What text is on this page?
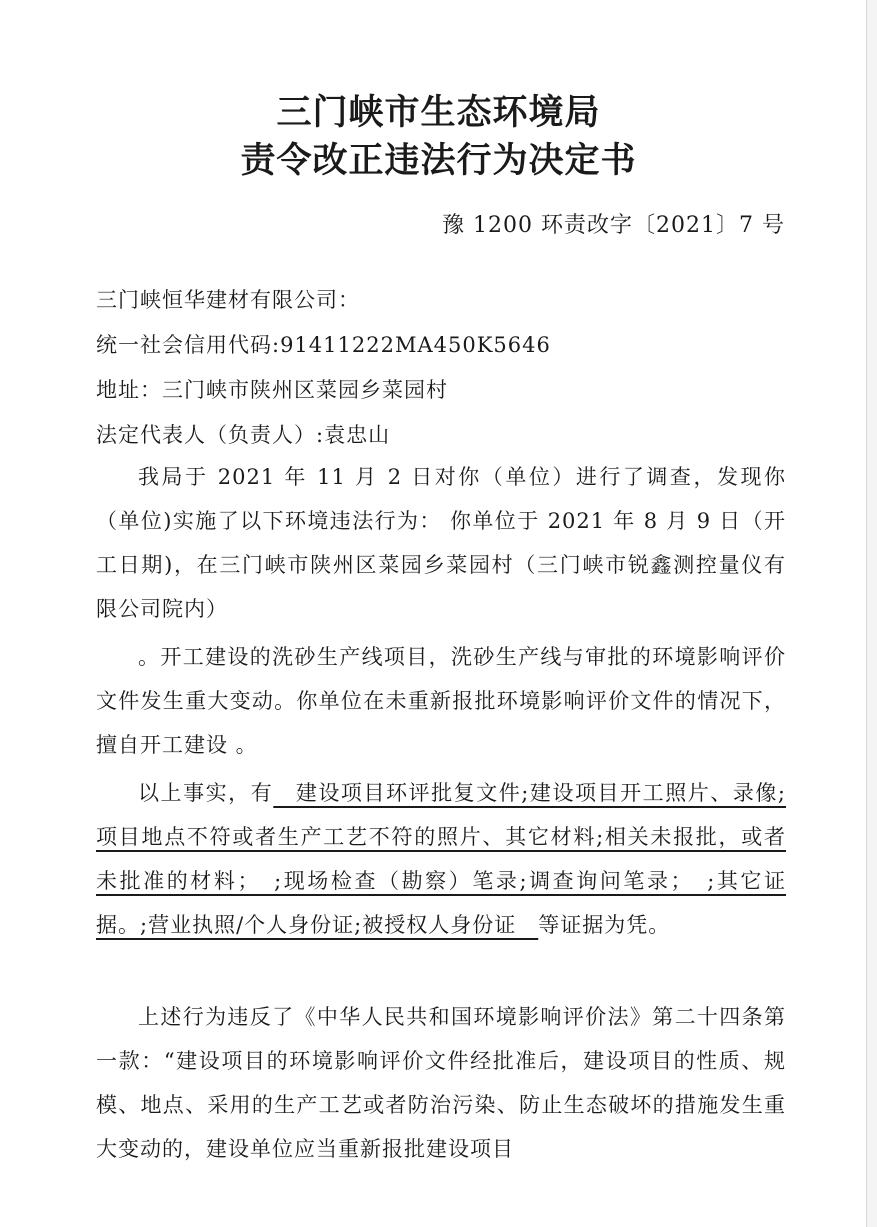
三门峡市生态环境局
责令改正违法行为决定书
豫 1200 环责改字〔2021〕7 号
三门峡恒华建材有限公司：
统一社会信用代码:91411222MA450K5646
地址：三门峡市陕州区菜园乡菜园村
法定代表人（负责人）:袁忠山
我局于 2021 年 11 月 2 日对你（单位）进行了调查，发现你（单位)实施了以下环境违法行为： 你单位于 2021 年 8 月 9 日（开工日期)，在三门峡市陕州区菜园乡菜园村（三门峡市锐鑫测控量仪有限公司院内）
。开工建设的洗砂生产线项目，洗砂生产线与审批的环境影响评价文件发生重大变动。你单位在未重新报批环境影响评价文件的情况下，擅自开工建设 。
以上事实，有　建设项目环评批复文件;建设项目开工照片、录像;项目地点不符或者生产工艺不符的照片、其它材料;相关未报批，或者未批准的材料；　;现场检查（勘察）笔录;调查询问笔录；　;其它证据。;营业执照/个人身份证;被授权人身份证　等证据为凭。
上述行为违反了《中华人民共和国环境影响评价法》第二十四条第一款：“建设项目的环境影响评价文件经批准后，建设项目的性质、规模、地点、采用的生产工艺或者防治污染、防止生态破坏的措施发生重大变动的，建设单位应当重新报批建设项目
